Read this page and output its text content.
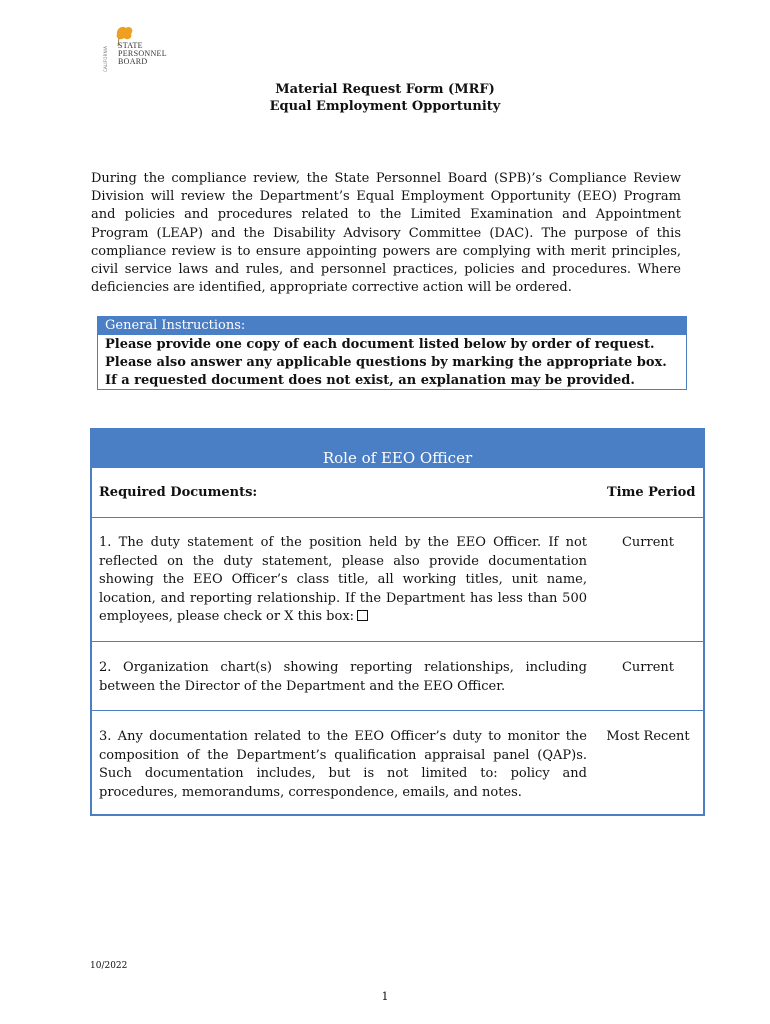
CALIFORNIA
STATE
PERSONNEL
BOARD
Material Request Form (MRF)
Equal Employment Opportunity
During the compliance review, the State Personnel Board (SPB)’s Compliance Review Division will review the Department’s Equal Employment Opportunity (EEO) Program and policies and procedures related to the Limited Examination and Appointment Program (LEAP) and the Disability Advisory Committee (DAC). The purpose of this compliance review is to ensure appointing powers are complying with merit principles, civil service laws and rules, and personnel practices, policies and procedures. Where deficiencies are identified, appropriate corrective action will be ordered.
General Instructions:
Please provide one copy of each document listed below by order of request. Please also answer any applicable questions by marking the appropriate box. If a requested document does not exist, an explanation may be provided.
Role of EEO Officer
Required Documents:	Time Period
1. The duty statement of the position held by the EEO Officer. If not reflected on the duty statement, please also provide documentation showing the EEO Officer’s class title, all working titles, unit name, location, and reporting relationship. If the Department has less than 500 employees, please check or X this box:
Current
2. Organization chart(s) showing reporting relationships, including between the Director of the Department and the EEO Officer.
Current
3. Any documentation related to the EEO Officer’s duty to monitor the composition of the Department’s qualification appraisal panel (QAP)s. Such documentation includes, but is not limited to: policy and procedures, memorandums, correspondence, emails, and notes.
Most Recent
10/2022
1
